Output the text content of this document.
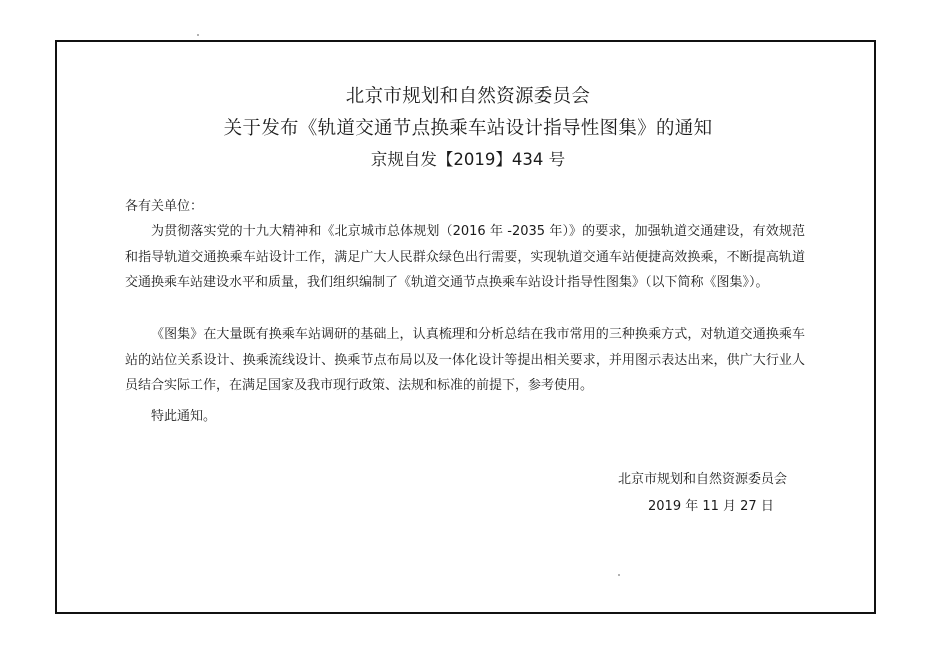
北京市规划和自然资源委员会
关于发布《轨道交通节点换乘车站设计指导性图集》的通知
京规自发【2019】434 号
各有关单位：

为贯彻落实党的十九大精神和《北京城市总体规划（2016 年 -2035 年）》的要求，加强轨道交通建设，有效规范和指导轨道交通换乘车站设计工作，满足广大人民群众绿色出行需要，实现轨道交通车站便捷高效换乘，不断提高轨道交通换乘车站建设水平和质量，我们组织编制了《轨道交通节点换乘车站设计指导性图集》（以下简称《图集》）。

《图集》在大量既有换乘车站调研的基础上，认真梳理和分析总结在我市常用的三种换乘方式，对轨道交通换乘车站的站位关系设计、换乘流线设计、换乘节点布局以及一体化设计等提出相关要求，并用图示表达出来，供广大行业人员结合实际工作，在满足国家及我市现行政策、法规和标准的前提下，参考使用。

特此通知。

北京市规划和自然资源委员会
2019 年 11 月 27 日
